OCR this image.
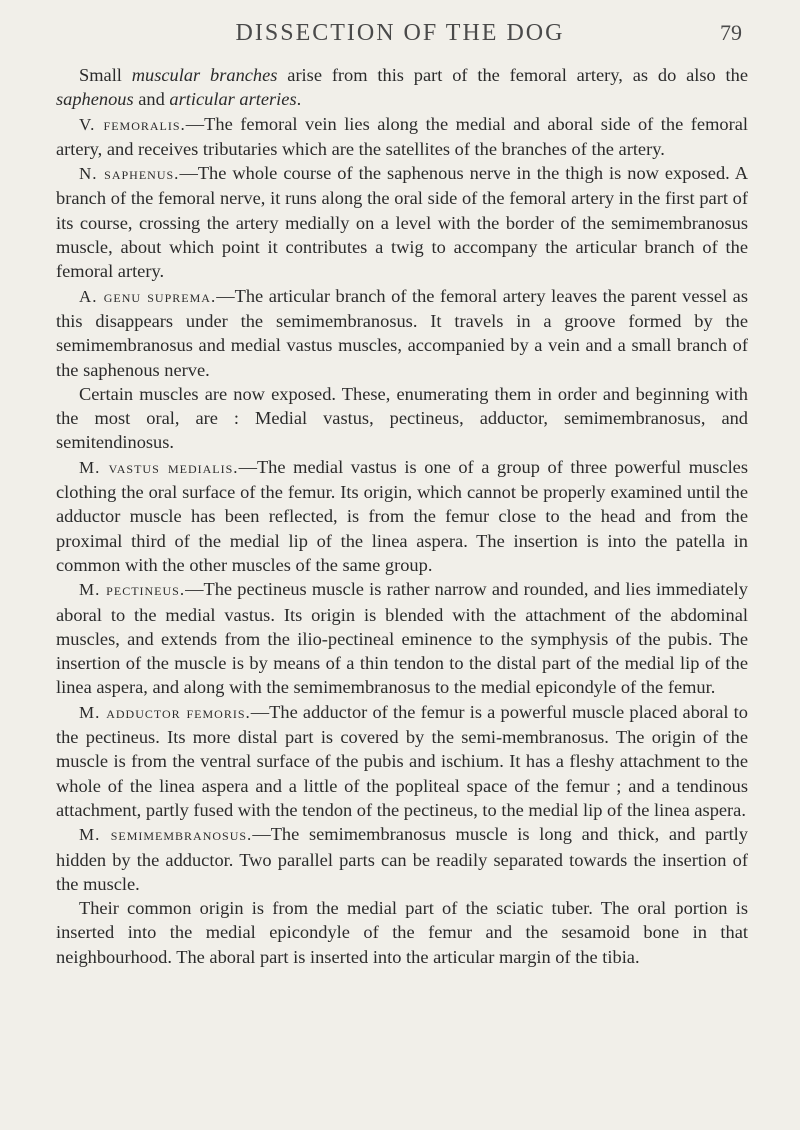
DISSECTION OF THE DOG	79

Small muscular branches arise from this part of the femoral artery, as do also the saphenous and articular arteries.

V. femoralis.—The femoral vein lies along the medial and aboral side of the femoral artery, and receives tributaries which are the satellites of the branches of the artery.

N. saphenus.—The whole course of the saphenous nerve in the thigh is now exposed. A branch of the femoral nerve, it runs along the oral side of the femoral artery in the first part of its course, crossing the artery medially on a level with the border of the semimembranosus muscle, about which point it contributes a twig to accompany the articular branch of the femoral artery.

A. genu suprema.—The articular branch of the femoral artery leaves the parent vessel as this disappears under the semimembranosus. It travels in a groove formed by the semimembranosus and medial vastus muscles, accompanied by a vein and a small branch of the saphenous nerve.

Certain muscles are now exposed. These, enumerating them in order and beginning with the most oral, are : Medial vastus, pectineus, adductor, semimembranosus, and semitendinosus.

M. vastus medialis.—The medial vastus is one of a group of three powerful muscles clothing the oral surface of the femur. Its origin, which cannot be properly examined until the adductor muscle has been reflected, is from the femur close to the head and from the proximal third of the medial lip of the linea aspera. The insertion is into the patella in common with the other muscles of the same group.

M. pectineus.—The pectineus muscle is rather narrow and rounded, and lies immediately aboral to the medial vastus. Its origin is blended with the attachment of the abdominal muscles, and extends from the ilio-pectineal eminence to the symphysis of the pubis. The insertion of the muscle is by means of a thin tendon to the distal part of the medial lip of the linea aspera, and along with the semimembranosus to the medial epicondyle of the femur.

M. adductor femoris.—The adductor of the femur is a powerful muscle placed aboral to the pectineus. Its more distal part is covered by the semi-membranosus. The origin of the muscle is from the ventral surface of the pubis and ischium. It has a fleshy attachment to the whole of the linea aspera and a little of the popliteal space of the femur ; and a tendinous attachment, partly fused with the tendon of the pectineus, to the medial lip of the linea aspera.

M. semimembranosus.—The semimembranosus muscle is long and thick, and partly hidden by the adductor. Two parallel parts can be readily separated towards the insertion of the muscle.

Their common origin is from the medial part of the sciatic tuber. The oral portion is inserted into the medial epicondyle of the femur and the sesamoid bone in that neighbourhood. The aboral part is inserted into the articular margin of the tibia.
